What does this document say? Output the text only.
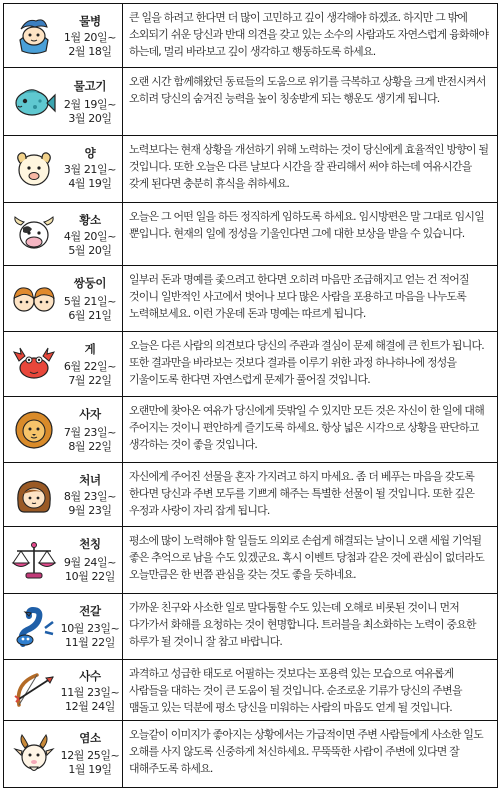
물병
1월 20일~
2월 18일
큰 일을 하려고 한다면 더 많이 고민하고 깊이 생각해야 하겠죠. 하지만 그 밖에 소외되기 쉬운 당신과 반대 의견을 갖고 있는 소수의 사람과도 자연스럽게 융화해야 하는데, 멀리 바라보고 깊이 생각하고 행동하도록 하세요.
물고기
2월 19일~
3월 20일
오랜 시간 함께해왔던 동료들의 도움으로 위기를 극복하고 상황을 크게 반전시켜서 오히려 당신의 숨겨진 능력을 높이 칭송받게 되는 행운도 생기게 됩니다.
양
3월 21일~
4월 19일
노력보다는 현재 상황을 개선하기 위해 노력하는 것이 당신에게 효율적인 방향이 될 것입니다. 또한 오늘은 다른 날보다 시간을 잘 관리해서 써야 하는데 여유시간을 갖게 된다면 충분히 휴식을 취하세요.
황소
4월 20일~
5월 20일
오늘은 그 어떤 일을 하든 정직하게 임하도록 하세요. 임시방편은 말 그대로 임시일 뿐입니다. 현재의 일에 정성을 기울인다면 그에 대한 보상을 받을 수 있습니다.
쌍둥이
5월 21일~
6월 21일
일부러 돈과 명예를 좇으려고 한다면 오히려 마음만 조급해지고 얻는 건 적어질 것이니 일반적인 사고에서 벗어나 보다 많은 사람을 포용하고 마음을 나누도록 노력해보세요. 이런 가운데 돈과 명예는 따르게 됩니다.
게
6월 22일~
7월 22일
오늘은 다른 사람의 의견보다 당신의 주관과 결심이 문제 해결에 큰 힌트가 됩니다. 또한 결과만을 바라보는 것보다 결과를 이루기 위한 과정 하나하나에 정성을 기울이도록 한다면 자연스럽게 문제가 풀어질 것입니다.
사자
7월 23일~
8월 22일
오랜만에 찾아온 여유가 당신에게 뜻밖일 수 있지만 모든 것은 자신이 한 일에 대해 주어지는 것이니 편안하게 즐기도록 하세요. 항상 넓은 시각으로 상황을 판단하고 생각하는 것이 좋을 것입니다.
처녀
8월 23일~
9월 23일
자신에게 주어진 선물을 혼자 가지려고 하지 마세요. 좀 더 베푸는 마음을 갖도록 한다면 당신과 주변 모두를 기쁘게 해주는 특별한 선물이 될 것입니다. 또한 깊은 우정과 사랑이 자리 잡게 됩니다.
천칭
9월 24일~
10월 22일
평소에 많이 노력해야 할 일들도 의외로 손쉽게 해결되는 날이니 오랜 세월 기억될 좋은 추억으로 남을 수도 있겠군요. 혹시 이벤트 당첨과 같은 것에 관심이 없더라도 오늘만큼은 한 번쯤 관심을 갖는 것도 좋을 듯하네요.
전갈
10월 23일~
11월 22일
가까운 친구와 사소한 일로 말다툼할 수도 있는데 오해로 비롯된 것이니 먼저 다가가서 화해를 요청하는 것이 현명합니다. 트러블을 최소화하는 노력이 중요한 하루가 될 것이니 잘 참고 바랍니다.
사수
11월 23일~
12월 24일
과격하고 성급한 태도로 어필하는 것보다는 포용력 있는 모습으로 여유롭게 사람들을 대하는 것이 큰 도움이 될 것입니다. 순조로운 기류가 당신의 주변을 맴돌고 있는 덕분에 평소 당신을 미워하는 사람의 마음도 얻게 될 것입니다.
염소
12월 25일~
1월 19일
오늘같이 이미지가 좋아지는 상황에서는 가급적이면 주변 사람들에게 사소한 일도 오해를 사지 않도록 신중하게 처신하세요. 무뚝뚝한 사람이 주변에 있다면 잘 대해주도록 하세요.
